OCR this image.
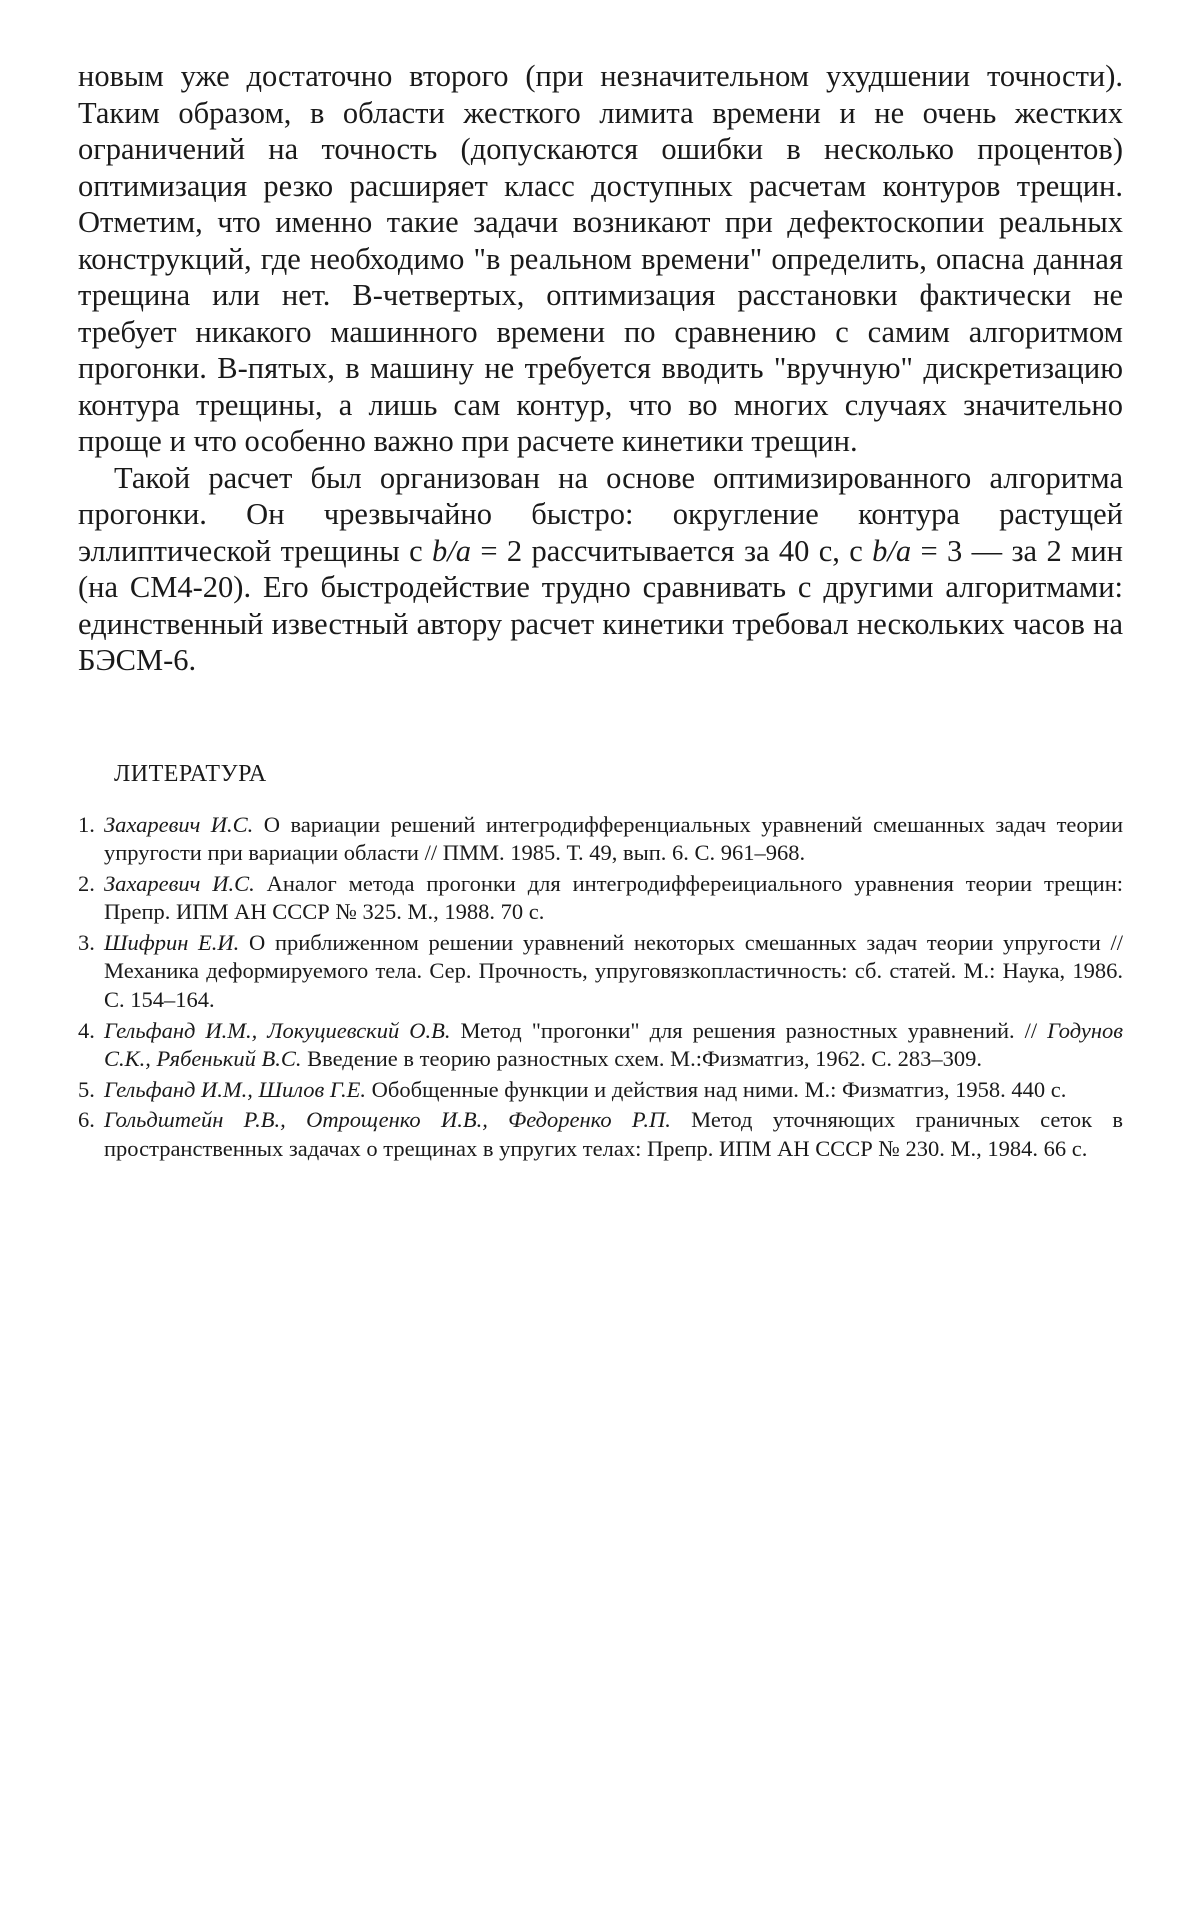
новым уже достаточно второго (при незначительном ухудшении точности). Таким образом, в области жесткого лимита времени и не очень жестких ограничений на точность (допускаются ошибки в несколько процентов) оптимизация резко расширяет класс доступных расчетам контуров трещин. Отметим, что именно такие задачи возникают при дефектоскопии реальных конструкций, где необходимо "в реальном времени" определить, опасна данная трещина или нет. В-четвертых, оптимизация расстановки фактически не требует никакого машинного времени по сравнению с самим алгоритмом прогонки. В-пятых, в машину не требуется вводить "вручную" дискретизацию контура трещины, а лишь сам контур, что во многих случаях значительно проще и что особенно важно при расчете кинетики трещин.

Такой расчет был организован на основе оптимизированного алгоритма прогонки. Он чрезвычайно быстро: округление контура растущей эллиптической трещины с b/a = 2 рассчитывается за 40 с, с b/a = 3 — за 2 мин (на СМ4-20). Его быстродействие трудно сравнивать с другими алгоритмами: единственный известный автору расчет кинетики требовал нескольких часов на БЭСМ-6.

ЛИТЕРАТУРА
1. Захаревич И.С. О вариации решений интегродифференциальных уравнений смешанных задач теории упругости при вариации области // ПММ. 1985. Т. 49, вып. 6. С. 961–968.
2. Захаревич И.С. Аналог метода прогонки для интегродиффереициального уравнения теории трещин: Препр. ИПМ АН СССР № 325. М., 1988. 70 с.
3. Шифрин Е.И. О приближенном решении уравнений некоторых смешанных задач теории упругости // Механика деформируемого тела. Сер. Прочность, упруговязкопластичность: сб. статей. М.: Наука, 1986. С. 154–164.
4. Гельфанд И.М., Локуциевский О.В. Метод "прогонки" для решения разностных уравнений. // Годунов С.К., Рябенький В.С. Введение в теорию разностных схем. М.:Физматгиз, 1962. С. 283–309.
5. Гельфанд И.М., Шилов Г.Е. Обобщенные функции и действия над ними. М.: Физматгиз, 1958. 440 с.
6. Гольдштейн Р.В., Отрощенко И.В., Федоренко Р.П. Метод уточняющих граничных сеток в пространственных задачах о трещинах в упругих телах: Препр. ИПМ АН СССР № 230. М., 1984. 66 с.
